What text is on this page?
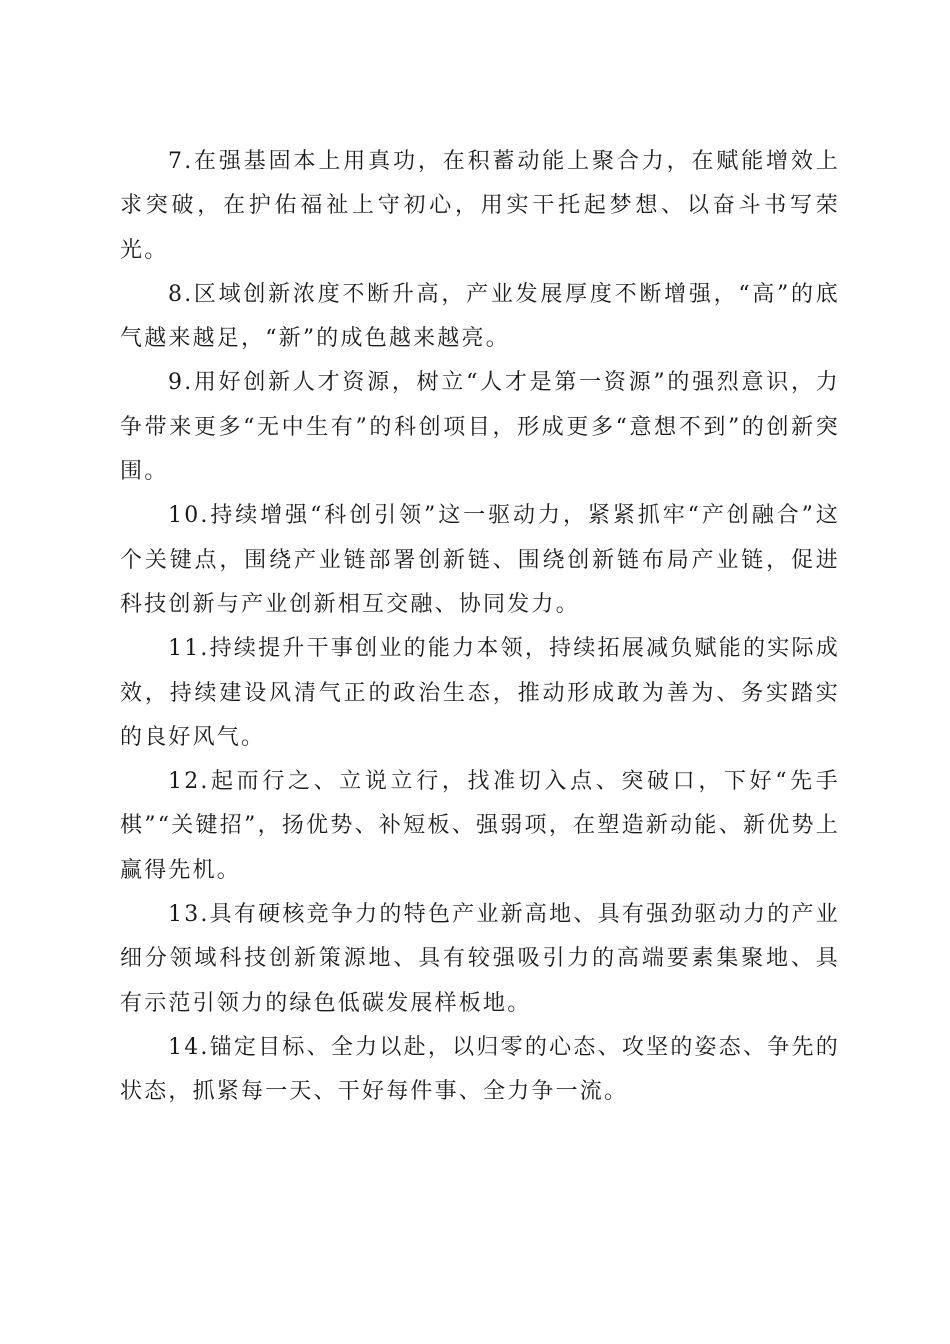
7.在强基固本上用真功，在积蓄动能上聚合力，在赋能增效上求突破，在护佑福祉上守初心，用实干托起梦想、以奋斗书写荣光。

8.区域创新浓度不断升高，产业发展厚度不断增强，“高”的底气越来越足，“新”的成色越来越亮。

9.用好创新人才资源，树立“人才是第一资源”的强烈意识，力争带来更多“无中生有”的科创项目，形成更多“意想不到”的创新突围。

10.持续增强“科创引领”这一驱动力，紧紧抓牢“产创融合”这个关键点，围绕产业链部署创新链、围绕创新链布局产业链，促进科技创新与产业创新相互交融、协同发力。

11.持续提升干事创业的能力本领，持续拓展减负赋能的实际成效，持续建设风清气正的政治生态，推动形成敢为善为、务实踏实的良好风气。

12.起而行之、立说立行，找准切入点、突破口，下好“先手棋”“关键招”，扬优势、补短板、强弱项，在塑造新动能、新优势上赢得先机。

13.具有硬核竞争力的特色产业新高地、具有强劲驱动力的产业细分领域科技创新策源地、具有较强吸引力的高端要素集聚地、具有示范引领力的绿色低碳发展样板地。

14.锚定目标、全力以赴，以归零的心态、攻坚的姿态、争先的状态，抓紧每一天、干好每件事、全力争一流。
